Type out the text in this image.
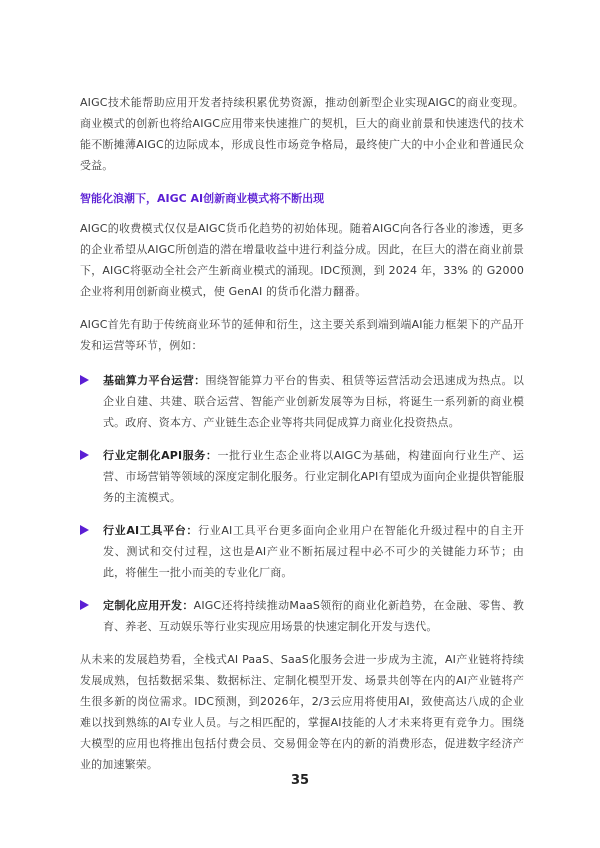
AIGC技术能帮助应用开发者持续积累优势资源，推动创新型企业实现AIGC的商业变现。商业模式的创新也将给AIGC应用带来快速推广的契机，巨大的商业前景和快速迭代的技术能不断摊薄AIGC的边际成本，形成良性市场竞争格局，最终使广大的中小企业和普通民众受益。

智能化浪潮下，AIGC AI创新商业模式将不断出现

AIGC的收费模式仅仅是AIGC货币化趋势的初始体现。随着AIGC向各行各业的渗透，更多的企业希望从AIGC所创造的潜在增量收益中进行利益分成。因此，在巨大的潜在商业前景下，AIGC将驱动全社会产生新商业模式的涌现。IDC预测，到 2024 年，33% 的 G2000 企业将利用创新商业模式，使 GenAI 的货币化潜力翻番。

AIGC首先有助于传统商业环节的延伸和衍生，这主要关系到端到端AI能力框架下的产品开发和运营等环节，例如：

基础算力平台运营：围绕智能算力平台的售卖、租赁等运营活动会迅速成为热点。以企业自建、共建、联合运营、智能产业创新发展等为目标，将诞生一系列新的商业模式。政府、资本方、产业链生态企业等将共同促成算力商业化投资热点。

行业定制化API服务：一批行业生态企业将以AIGC为基础，构建面向行业生产、运营、市场营销等领域的深度定制化服务。行业定制化API有望成为面向企业提供智能服务的主流模式。

行业AI工具平台：行业AI工具平台更多面向企业用户在智能化升级过程中的自主开发、测试和交付过程，这也是AI产业不断拓展过程中必不可少的关键能力环节；由此，将催生一批小而美的专业化厂商。

定制化应用开发：AIGC还将持续推动MaaS领衔的商业化新趋势，在金融、零售、教育、养老、互动娱乐等行业实现应用场景的快速定制化开发与迭代。

从未来的发展趋势看，全栈式AI PaaS、SaaS化服务会进一步成为主流，AI产业链将持续发展成熟，包括数据采集、数据标注、定制化模型开发、场景共创等在内的AI产业链将产生很多新的岗位需求。IDC预测，到2026年，2/3云应用将使用AI，致使高达八成的企业难以找到熟练的AI专业人员。与之相匹配的，掌握AI技能的人才未来将更有竞争力。围绕大模型的应用也将推出包括付费会员、交易佣金等在内的新的消费形态，促进数字经济产业的加速繁荣。

35
